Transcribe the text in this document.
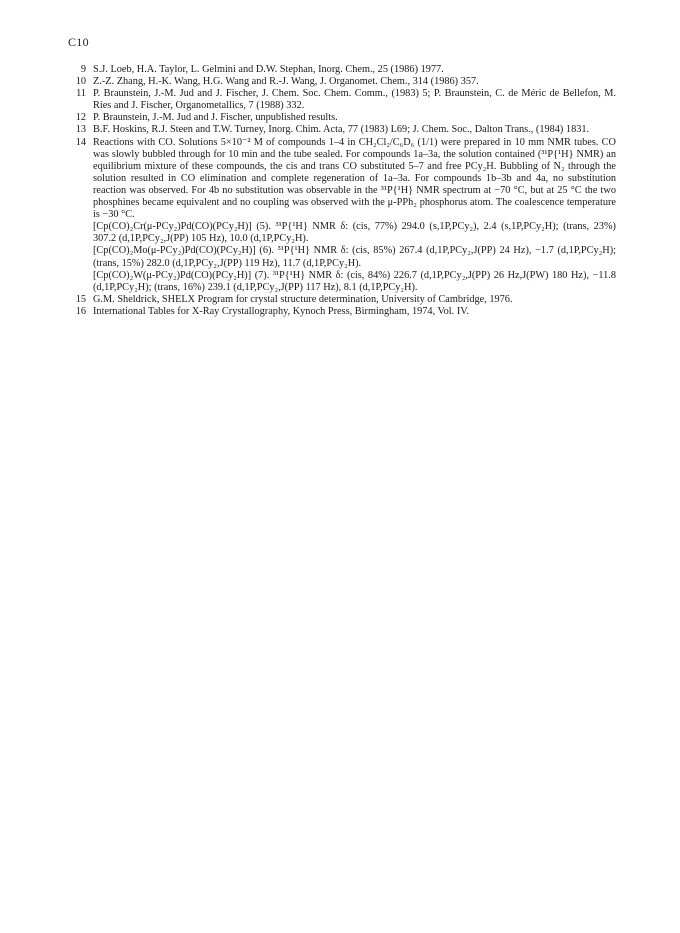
C10
9 S.J. Loeb, H.A. Taylor, L. Gelmini and D.W. Stephan, Inorg. Chem., 25 (1986) 1977.

10 Z.-Z. Zhang, H.-K. Wang, H.G. Wang and R.-J. Wang, J. Organomet. Chem., 314 (1986) 357.

11 P. Braunstein, J.-M. Jud and J. Fischer, J. Chem. Soc. Chem. Comm., (1983) 5; P. Braunstein, C. de Méric de Bellefon, M. Ries and J. Fischer, Organometallics, 7 (1988) 332.

12 P. Braunstein, J.-M. Jud and J. Fischer, unpublished results.

13 B.F. Hoskins, R.J. Steen and T.W. Turney, Inorg. Chim. Acta, 77 (1983) L69; J. Chem. Soc., Dalton Trans., (1984) 1831.

14 Reactions with CO. Solutions 5×10⁻² M of compounds 1–4 in CH₂Cl₂/C₆D₆ (1/1) were prepared in 10 mm NMR tubes. CO was slowly bubbled through for 10 min and the tube sealed. For compounds 1a–3a, the solution contained (³¹P{¹H} NMR) an equilibrium mixture of these compounds, the cis and trans CO substituted 5–7 and free PCy₂H. Bubbling of N₂ through the solution resulted in CO elimination and complete regeneration of 1a–3a. For compounds 1b–3b and 4a, no substitution reaction was observed. For 4b no substitution was observable in the ³¹P{¹H} NMR spectrum at −70 °C, but at 25 °C the two phosphines became equivalent and no coupling was observed with the μ-PPh₂ phosphorus atom. The coalescence temperature is −30 °C.

[Cp(CO)₂Cr(μ-PCy₂)Pd(CO)(PCy₂H)] (5). ³¹P{¹H} NMR δ: (cis, 77%) 294.0 (s,1P,PCy₂), 2.4 (s,1P,PCy₂H); (trans, 23%) 307.2 (d,1P,PCy₂,J(PP) 105 Hz), 10.0 (d,1P,PCy₂H).

[Cp(CO)₂Mo(μ-PCy₂)Pd(CO)(PCy₂H)] (6). ³¹P{¹H} NMR δ: (cis, 85%) 267.4 (d,1P,PCy₂,J(PP) 24 Hz), −1.7 (d,1P,PCy₂H); (trans, 15%) 282.0 (d,1P,PCy₂,J(PP) 119 Hz), 11.7 (d,1P,PCy₂H).

[Cp(CO)₂W(μ-PCy₂)Pd(CO)(PCy₂H)] (7). ³¹P{¹H} NMR δ: (cis, 84%) 226.7 (d,1P,PCy₂,J(PP) 26 Hz,J(PW) 180 Hz), −11.8 (d,1P,PCy₂H); (trans, 16%) 239.1 (d,1P,PCy₂,J(PP) 117 Hz), 8.1 (d,1P,PCy₂H).

15 G.M. Sheldrick, SHELX Program for crystal structure determination, University of Cambridge, 1976.

16 International Tables for X-Ray Crystallography, Kynoch Press, Birmingham, 1974, Vol. IV.
